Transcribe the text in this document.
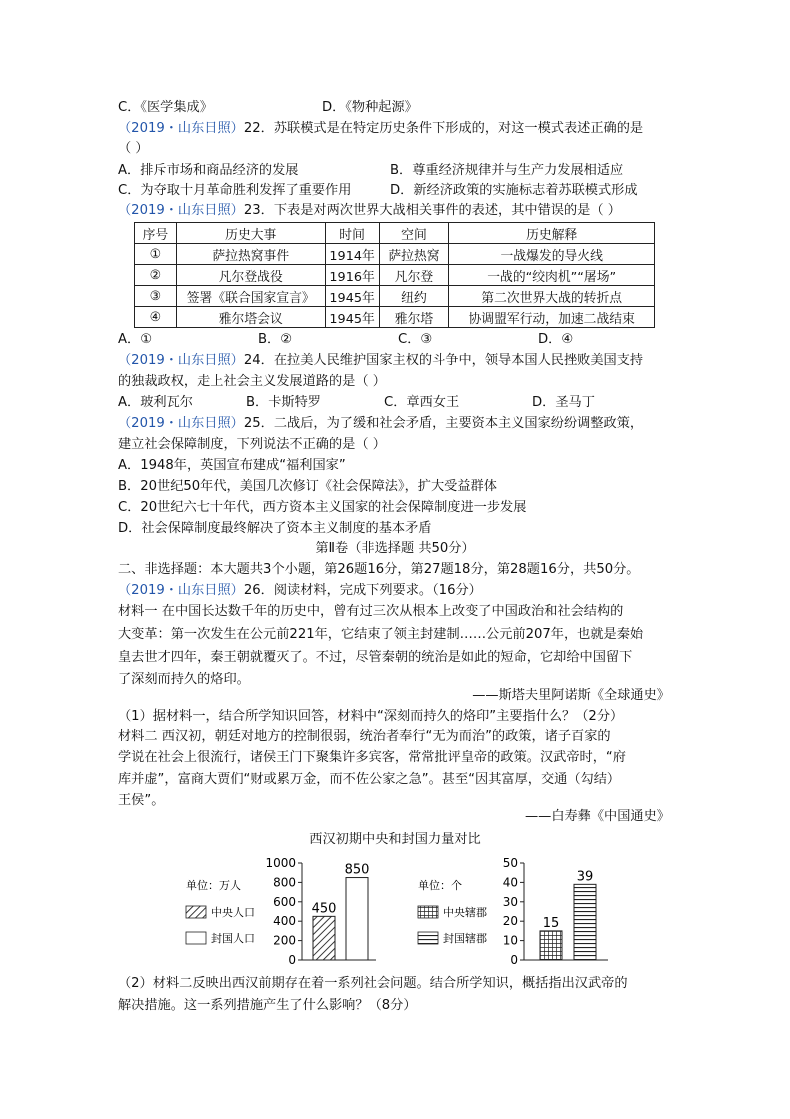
C．《医学集成》	D．《物种起源》
（2019・山东日照）22．苏联模式是在特定历史条件下形成的，对这一模式表述正确的是
（ ）
A．排斥市场和商品经济的发展	B．尊重经济规律并与生产力发展相适应
C．为夺取十月革命胜利发挥了重要作用	D．新经济政策的实施标志着苏联模式形成
（2019・山东日照）23．下表是对两次世界大战相关事件的表述，其中错误的是（ ）
序号	历史大事	时间	空间	历史解释
①	萨拉热窝事件	1914年	萨拉热窝	一战爆发的导火线
②	凡尔登战役	1916年	凡尔登	一战的“绞肉机”“屠场”
③	签署《联合国家宣言》	1945年	纽约	第二次世界大战的转折点
④	雅尔塔会议	1945年	雅尔塔	协调盟军行动，加速二战结束
A．①	B．②	C．③	D．④
（2019・山东日照）24．在拉美人民维护国家主权的斗争中，领导本国人民挫败美国支持
的独裁政权，走上社会主义发展道路的是（ ）
A．玻利瓦尔	B．卡斯特罗	C．章西女王	D．圣马丁
（2019・山东日照）25．二战后，为了缓和社会矛盾，主要资本主义国家纷纷调整政策，
建立社会保障制度，下列说法不正确的是（ ）
A．1948年，英国宣布建成“福利国家”
B．20世纪50年代，美国几次修订《社会保障法》，扩大受益群体
C．20世纪六七十年代，西方资本主义国家的社会保障制度进一步发展
D．社会保障制度最终解决了资本主义制度的基本矛盾
第Ⅱ卷（非选择题 共50分）
二、非选择题：本大题共3个小题，第26题16分，第27题18分，第28题16分，共50分。
（2019・山东日照）26．阅读材料，完成下列要求。（16分）
材料一 在中国长达数千年的历史中，曾有过三次从根本上改变了中国政治和社会结构的
大变革：第一次发生在公元前221年，它结束了领主封建制……公元前207年，也就是秦始
皇去世才四年，秦王朝就覆灭了。不过，尽管秦朝的统治是如此的短命，它却给中国留下
了深刻而持久的烙印。
——斯塔夫里阿诺斯《全球通史》
（1）据材料一，结合所学知识回答，材料中“深刻而持久的烙印”主要指什么？（2分）
材料二 西汉初，朝廷对地方的控制很弱，统治者奉行“无为而治”的政策，诸子百家的
学说在社会上很流行，诸侯王门下聚集许多宾客，常常批评皇帝的政策。汉武帝时，“府
库并虚”，富商大贾们“财或累万金，而不佐公家之急”。甚至“因其富厚，交通（勾结）
王侯”。
——白寿彝《中国通史》
西汉初期中央和封国力量对比
单位：万人
中央人口
封国人口
0
200
400
600
800
1000
450
850
单位：个
中央辖郡
封国辖郡
0
10
20
30
40
50
15
39
（2）材料二反映出西汉前期存在着一系列社会问题。结合所学知识，概括指出汉武帝的
解决措施。这一系列措施产生了什么影响？（8分）
